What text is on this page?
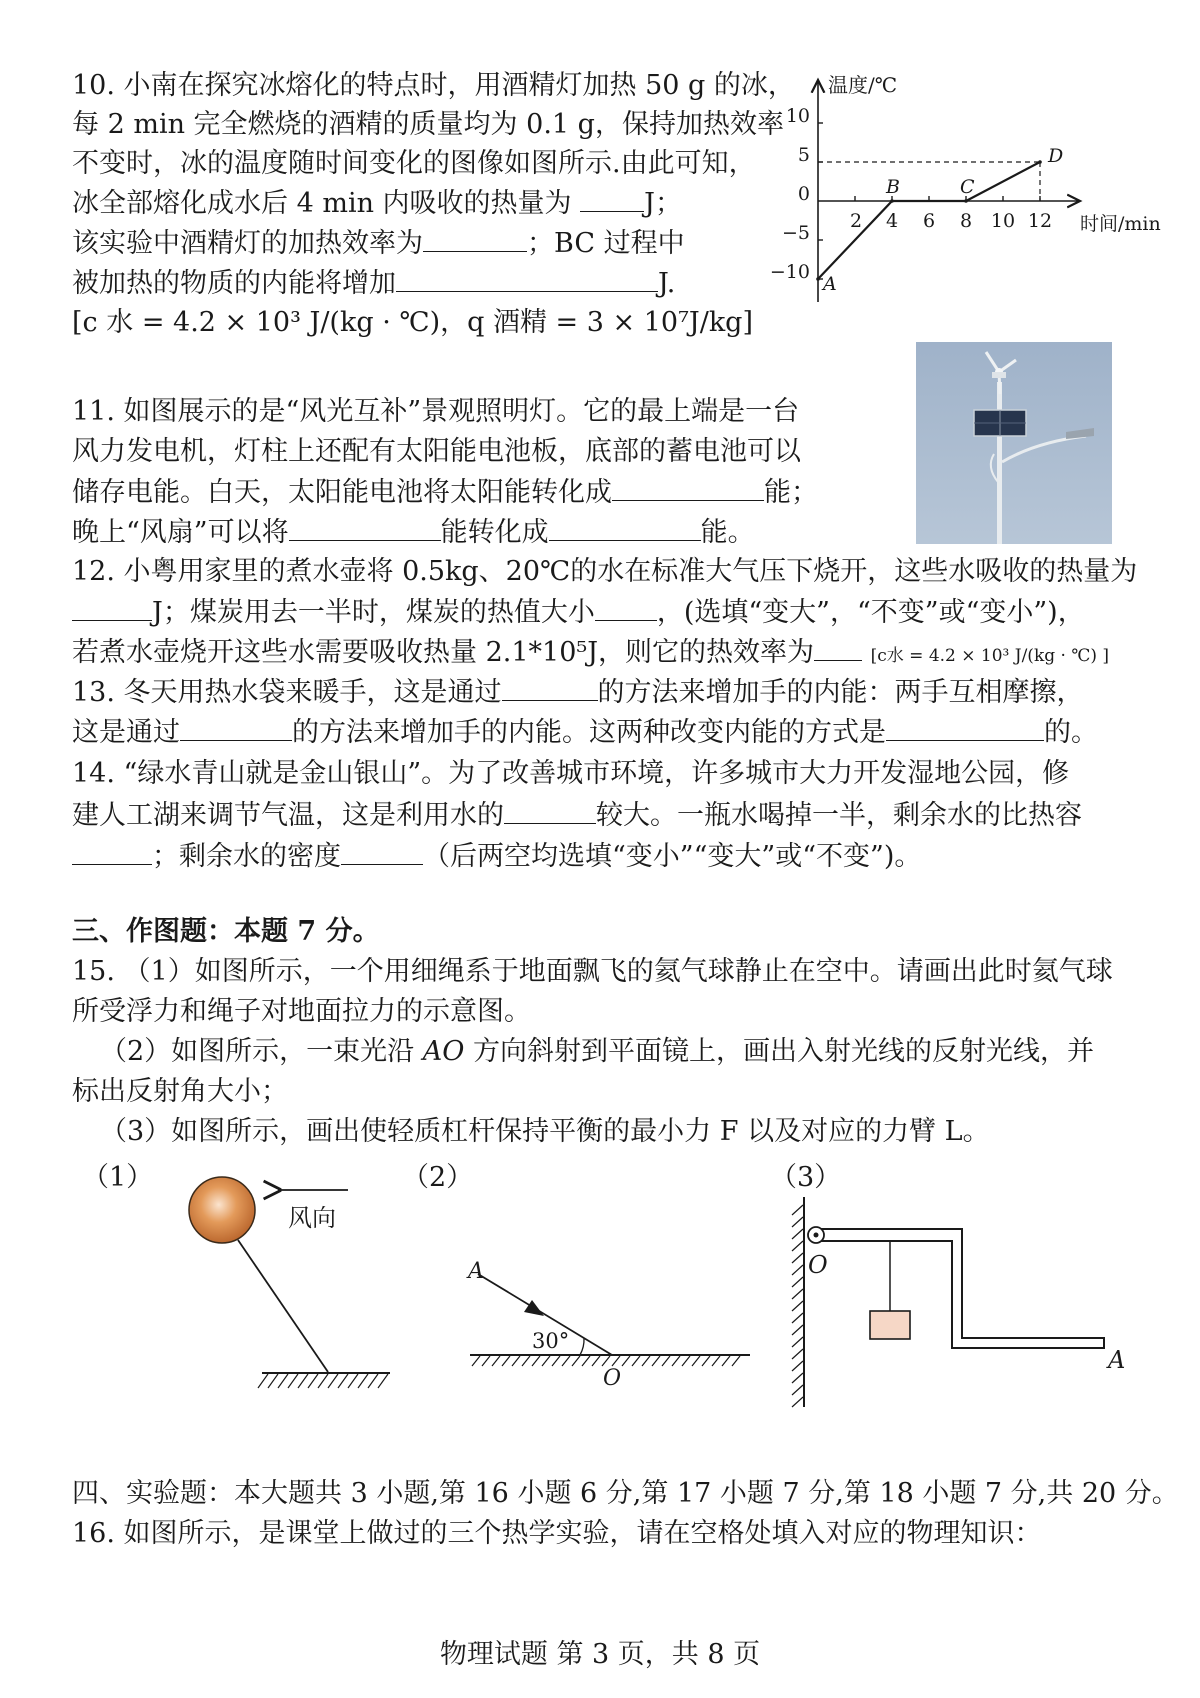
10. 小南在探究冰熔化的特点时，用酒精灯加热 50 g 的冰，
每 2 min 完全燃烧的酒精的质量均为 0.1 g，保持加热效率
不变时，冰的温度随时间变化的图像如图所示.由此可知，
冰全部熔化成水后 4 min 内吸收的热量为 J；
该实验中酒精灯的加热效率为	；BC 过程中
被加热的物质的内能将增加	J.
[c 水 = 4.2 × 10³ J/(kg · ℃)，q 酒精 = 3 × 10⁷J/kg]
温度/℃
时间/min
10
5
0
−5
−10
2 4 6 8 10 12
A
B	C
D
11. 如图展示的是“风光互补”景观照明灯。它的最上端是一台
风力发电机，灯柱上还配有太阳能电池板，底部的蓄电池可以
储存电能。白天，太阳能电池将太阳能转化成	能；
晚上“风扇”可以将	能转化成	能。
12. 小粤用家里的煮水壶将 0.5kg、20℃的水在标准大气压下烧开，这些水吸收的热量为
J；煤炭用去一半时，煤炭的热值大小 ，(选填“变大”，“不变”或“变小”)，
若煮水壶烧开这些水需要吸收热量 2.1*10⁵J，则它的热效率为	[c水 = 4.2 × 10³ J/(kg · ℃) ]
13. 冬天用热水袋来暖手，这是通过	的方法来增加手的内能：两手互相摩擦，
这是通过	的方法来增加手的内能。这两种改变内能的方式是	的。
14. “绿水青山就是金山银山”。为了改善城市环境，许多城市大力开发湿地公园，修
建人工湖来调节气温，这是利用水的	较大。一瓶水喝掉一半，剩余水的比热容
；剩余水的密度	（后两空均选填“变小”“变大”或“不变”)。
三、作图题：本题 7 分。
15. （1）如图所示，一个用细绳系于地面飘飞的氦气球静止在空中。请画出此时氦气球
所受浮力和绳子对地面拉力的示意图。
（2）如图所示，一束光沿 AO 方向斜射到平面镜上，画出入射光线的反射光线，并
标出反射角大小；
（3）如图所示，画出使轻质杠杆保持平衡的最小力 F 以及对应的力臂 L。
（1）
风向
（2）
A
30°
O
（3）
O
A
四、实验题：本大题共 3 小题,第 16 小题 6 分,第 17 小题 7 分,第 18 小题 7 分,共 20 分。
16. 如图所示，是课堂上做过的三个热学实验，请在空格处填入对应的物理知识：
物理试题 第 3 页，共 8 页
